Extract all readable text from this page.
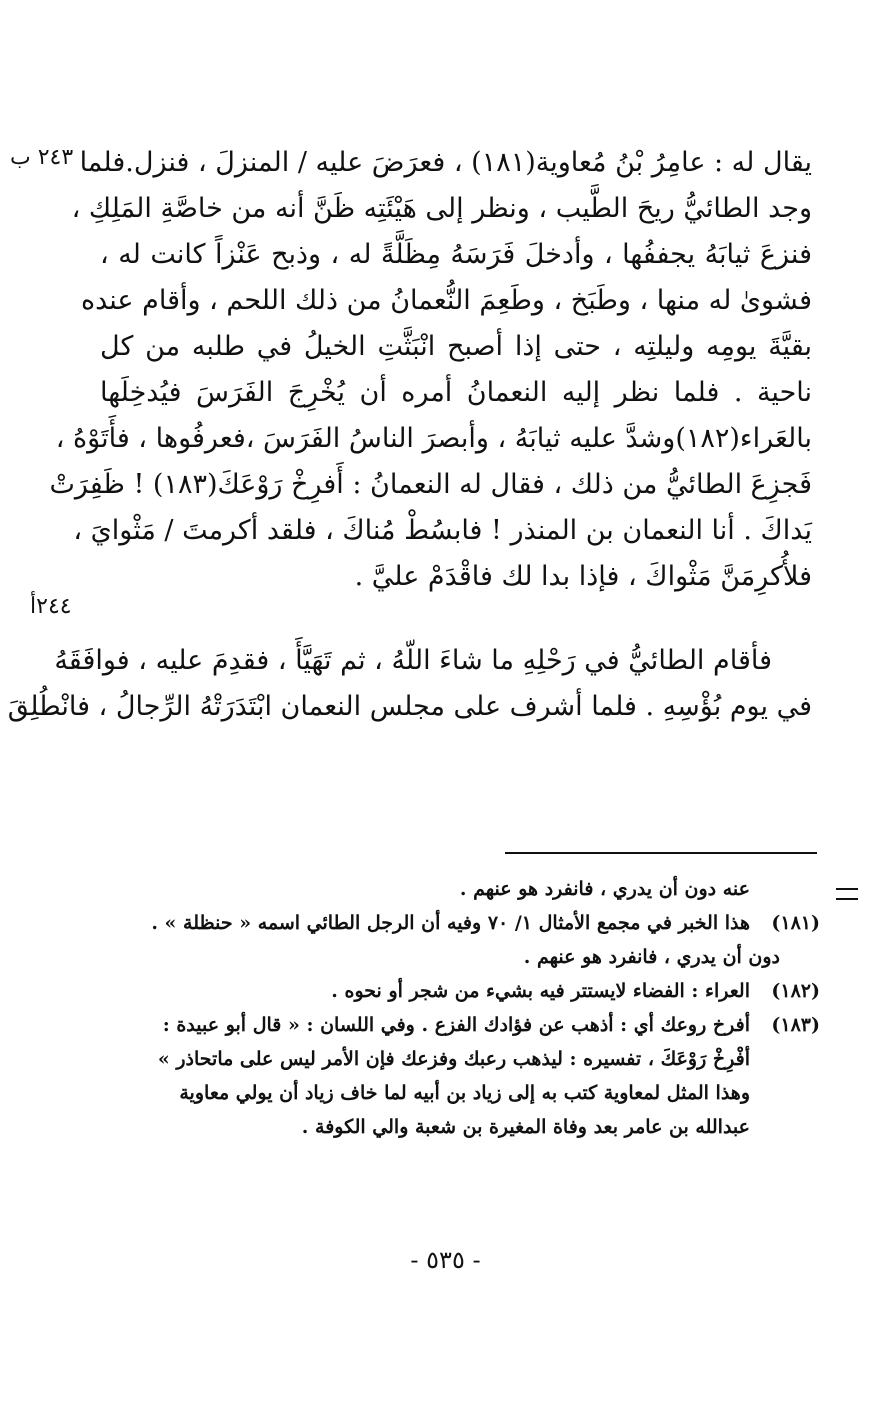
٢٤٣ ب
٢٤٤أ
يقال له : عامِرُ بْنُ مُعاوية(١٨١) ، فعرَضَ عليه / المنزلَ ، فنزل.فلما
وجد الطائيُّ ريحَ الطَّيب ، ونظر إلى هَيْئَتِه ظَنَّ أنه من خاصَّةِ المَلِكِ ،
فنزعَ ثيابَهُ يجففُها ، وأدخلَ فَرَسَهُ مِظَلَّةً له ، وذبح عَنْزاً كانت له ،
فشوىٰ له منها ، وطَبَخ ، وطَعِمَ النُّعمانُ من ذلك اللحم ، وأقام عنده
بقيَّةَ يومِه وليلتِه ، حتى إذا أصبح انْبَثَّتِ الخيلُ في طلبه من كل
ناحية . فلما نظر إليه النعمانُ أمره أن يُخْرِجَ الفَرَسَ فيُدخِلَها
بالعَراء(١٨٢)وشدَّ عليه ثيابَهُ ، وأبصرَ الناسُ الفَرَسَ ،فعرفُوها ، فأَتَوْهُ ،
فَجزِعَ الطائيُّ من ذلك ، فقال له النعمانُ : أَفرِخْ رَوْعَكَ(١٨٣) ! ظَفِرَتْ
يَداكَ . أنا النعمان بن المنذر ! فابسُطْ مُناكَ ، فلقد أكرمتَ / مَثْوايَ ،
فلأُكرِمَنَّ مَثْواكَ ، فإذا بدا لك فاقْدَمْ عليَّ .
فأقام الطائيُّ في رَحْلِهِ ما شاءَ اللّهُ ، ثم تَهَيَّأَ ، فقدِمَ عليه ، فوافَقَهُ
في يوم بُؤْسِهِ . فلما أشرف على مجلس النعمان ابْتَدَرَتْهُ الرِّجالُ ، فانْطُلِقَ
عنه دون أن يدري ، فانفرد هو عنهم .
(١٨١)
هذا الخبر في مجمع الأمثال ١/ ٧٠ وفيه أن الرجل الطائي اسمه « حنظلة » .
دون أن يدري ، فانفرد هو عنهم .
(١٨٢)
العراء : الفضاء لايستتر فيه بشيء من شجر أو نحوه .
(١٨٣)
أفرخ روعك أي : أذهب عن فؤادك الفزع . وفي اللسان : « قال أبو عبيدة :
أفْرِخْ رَوْعَكَ ، تفسيره : ليذهب رعبك وفزعك فإن الأمر ليس على ماتحاذر »
وهذا المثل لمعاوية كتب به إلى زياد بن أبيه لما خاف زياد أن يولي معاوية
عبدالله بن عامر بعد وفاة المغيرة بن شعبة والي الكوفة .
- ٥٣٥ -
